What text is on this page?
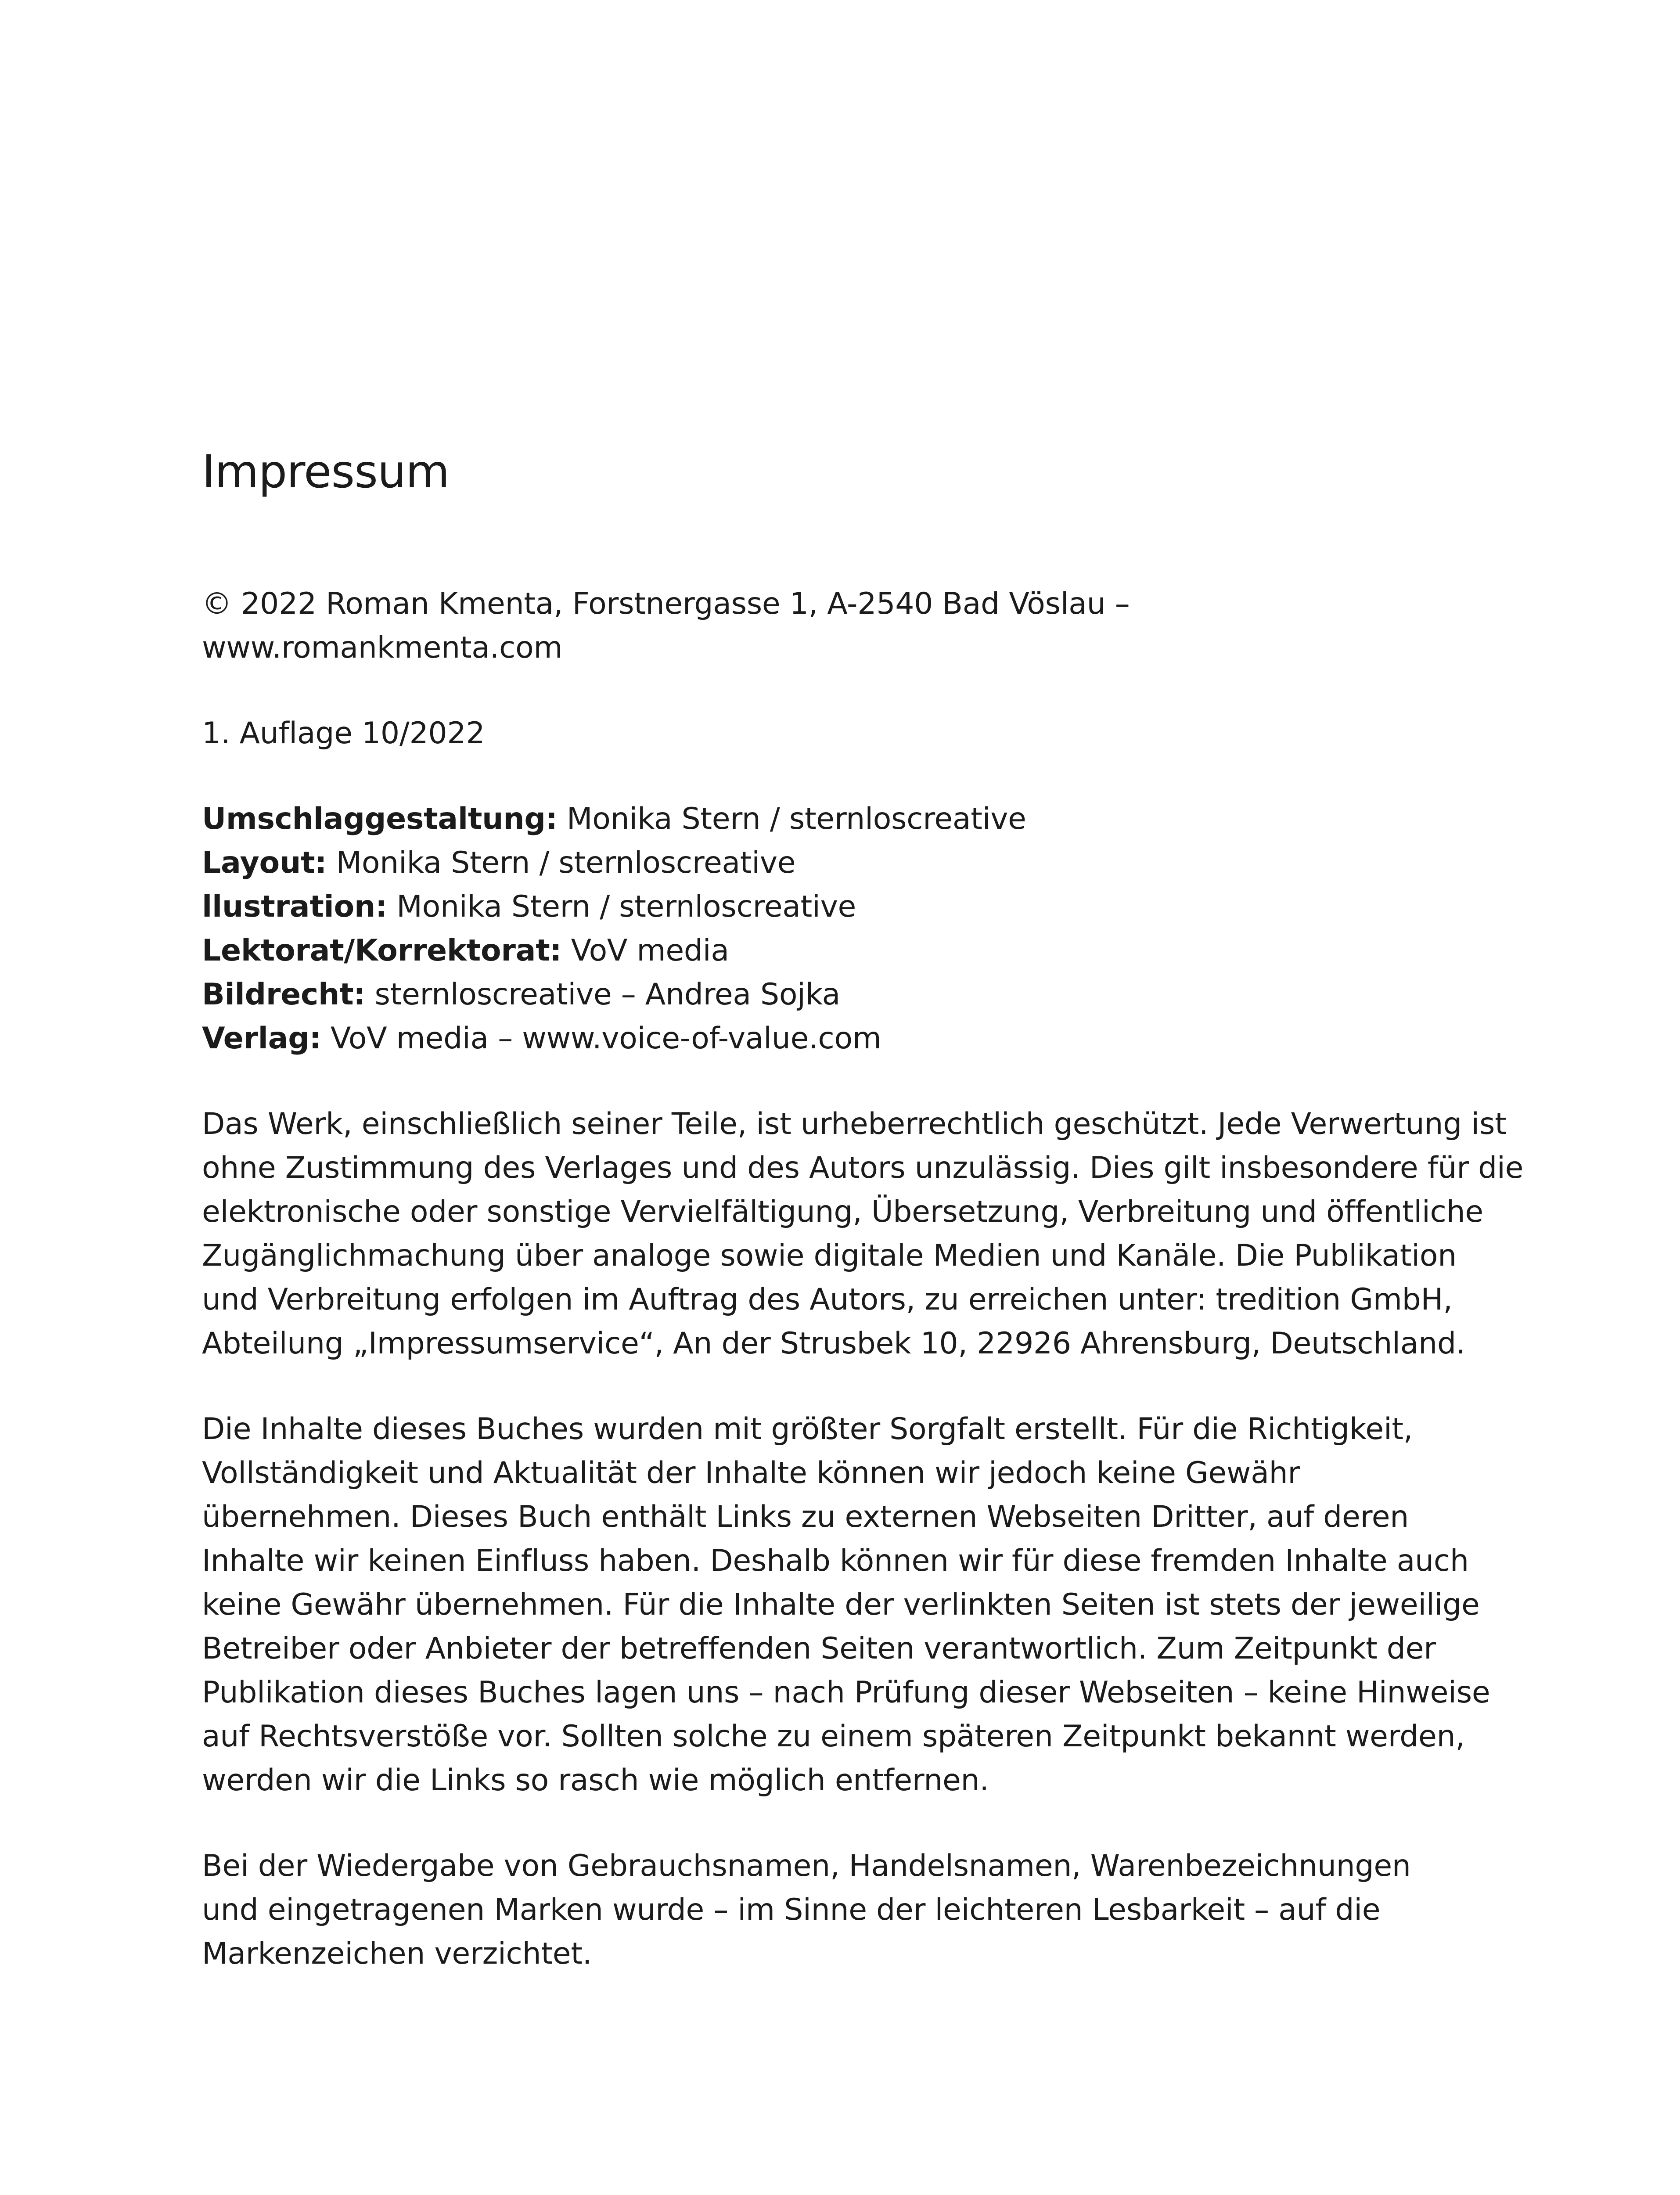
Impressum
© 2022 Roman Kmenta, Forstnergasse 1, A-2540 Bad Vöslau –
www.romankmenta.com
1. Auflage 10/2022
Umschlaggestaltung: Monika Stern / sternloscreative
Layout: Monika Stern / sternloscreative
llustration: Monika Stern / sternloscreative
Lektorat/Korrektorat: VoV media
Bildrecht: sternloscreative – Andrea Sojka
Verlag: VoV media – www.voice-of-value.com
Das Werk, einschließlich seiner Teile, ist urheberrechtlich geschützt. Jede Verwertung ist
ohne Zustimmung des Verlages und des Autors unzulässig. Dies gilt insbesondere für die
elektronische oder sonstige Vervielfältigung, Übersetzung, Verbreitung und öffentliche
Zugänglichmachung über analoge sowie digitale Medien und Kanäle. Die Publikation
und Verbreitung erfolgen im Auftrag des Autors, zu erreichen unter: tredition GmbH,
Abteilung „Impressumservice“, An der Strusbek 10, 22926 Ahrensburg, Deutschland.
Die Inhalte dieses Buches wurden mit größter Sorgfalt erstellt. Für die Richtigkeit,
Vollständigkeit und Aktualität der Inhalte können wir jedoch keine Gewähr
übernehmen. Dieses Buch enthält Links zu externen Webseiten Dritter, auf deren
Inhalte wir keinen Einfluss haben. Deshalb können wir für diese fremden Inhalte auch
keine Gewähr übernehmen. Für die Inhalte der verlinkten Seiten ist stets der jeweilige
Betreiber oder Anbieter der betreffenden Seiten verantwortlich. Zum Zeitpunkt der
Publikation dieses Buches lagen uns – nach Prüfung dieser Webseiten – keine Hinweise
auf Rechtsverstöße vor. Sollten solche zu einem späteren Zeitpunkt bekannt werden,
werden wir die Links so rasch wie möglich entfernen.
Bei der Wiedergabe von Gebrauchsnamen, Handelsnamen, Warenbezeichnungen
und eingetragenen Marken wurde – im Sinne der leichteren Lesbarkeit – auf die
Markenzeichen verzichtet.
